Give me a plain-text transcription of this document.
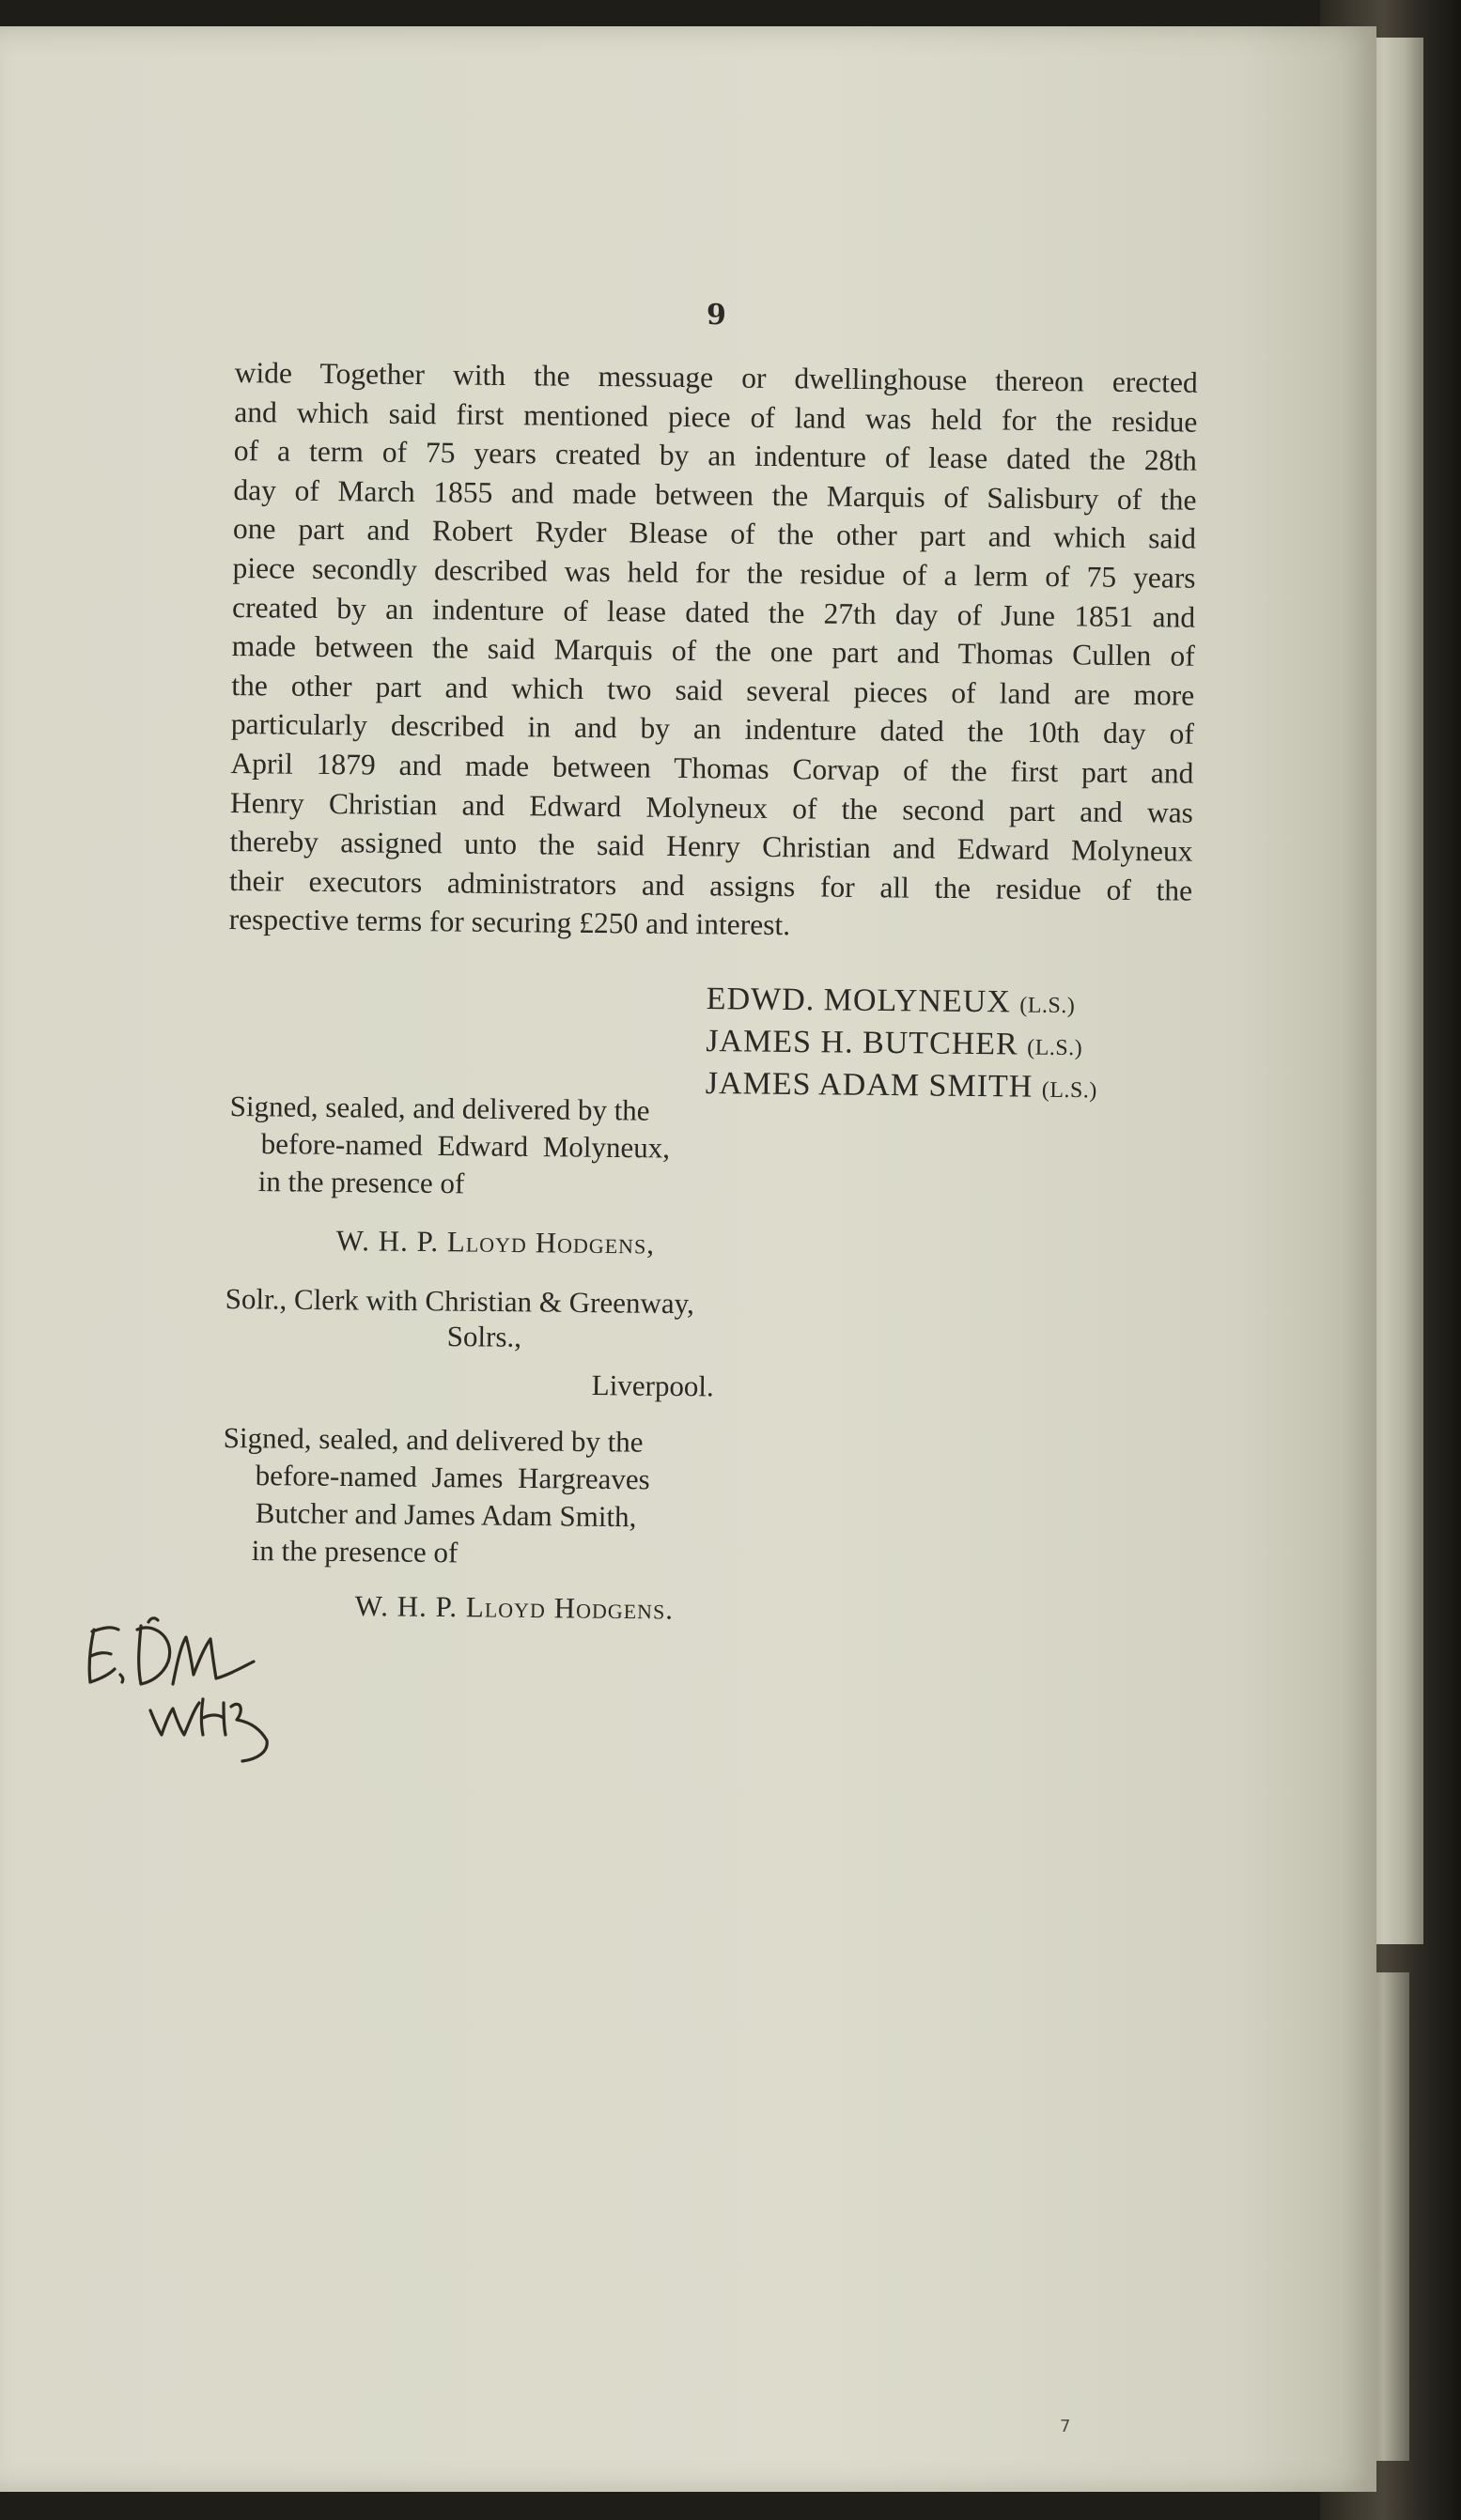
9
wide Together with the messuage or dwellinghouse thereon erected
and which said first mentioned piece of land was held for the residue
of a term of 75 years created by an indenture of lease dated the 28th
day of March 1855 and made between the Marquis of Salisbury of the
one part and Robert Ryder Blease of the other part and which said
piece secondly described was held for the residue of a lerm of 75 years
created by an indenture of lease dated the 27th day of June 1851 and
made between the said Marquis of the one part and Thomas Cullen of
the other part and which two said several pieces of land are more
particularly described in and by an indenture dated the 10th day of
April 1879 and made between Thomas Corvap of the first part and
Henry Christian and Edward Molyneux of the second part and was
thereby assigned unto the said Henry Christian and Edward Molyneux
their executors administrators and assigns for all the residue of the
respective terms for securing £250 and interest.
EDWD. MOLYNEUX (L.S.)
JAMES H. BUTCHER (L.S.)
JAMES ADAM SMITH (L.S.)
Signed, sealed, and delivered by the
before-named Edward Molyneux,
in the presence of
W. H. P. Lloyd Hodgens,
Solr., Clerk with Christian & Greenway,
Solrs.,
Liverpool.
Signed, sealed, and delivered by the
before-named James Hargreaves
Butcher and James Adam Smith,
in the presence of
W. H. P. Lloyd Hodgens.
7
